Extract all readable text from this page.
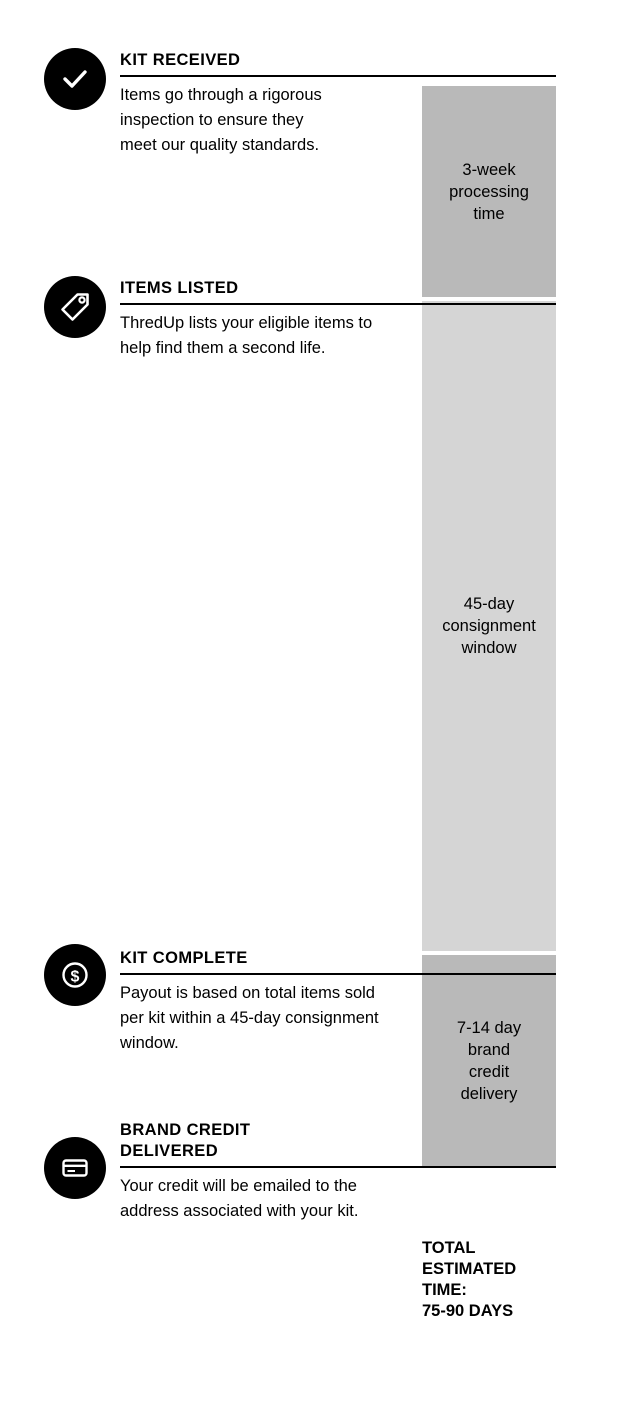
3-week
processing
time
45-day
consignment
window
7-14 day
brand
credit
delivery
TOTAL
ESTIMATED
TIME:
75-90 DAYS
KIT RECEIVED

Items go through a rigorous inspection to ensure they meet our quality standards.

ITEMS LISTED

ThredUp lists your eligible items to help find them a second life.

KIT COMPLETE

Payout is based on total items sold per kit within a 45-day consignment window.

$
BRAND CREDIT
DELIVERED

Your credit will be emailed to the address associated with your kit.
